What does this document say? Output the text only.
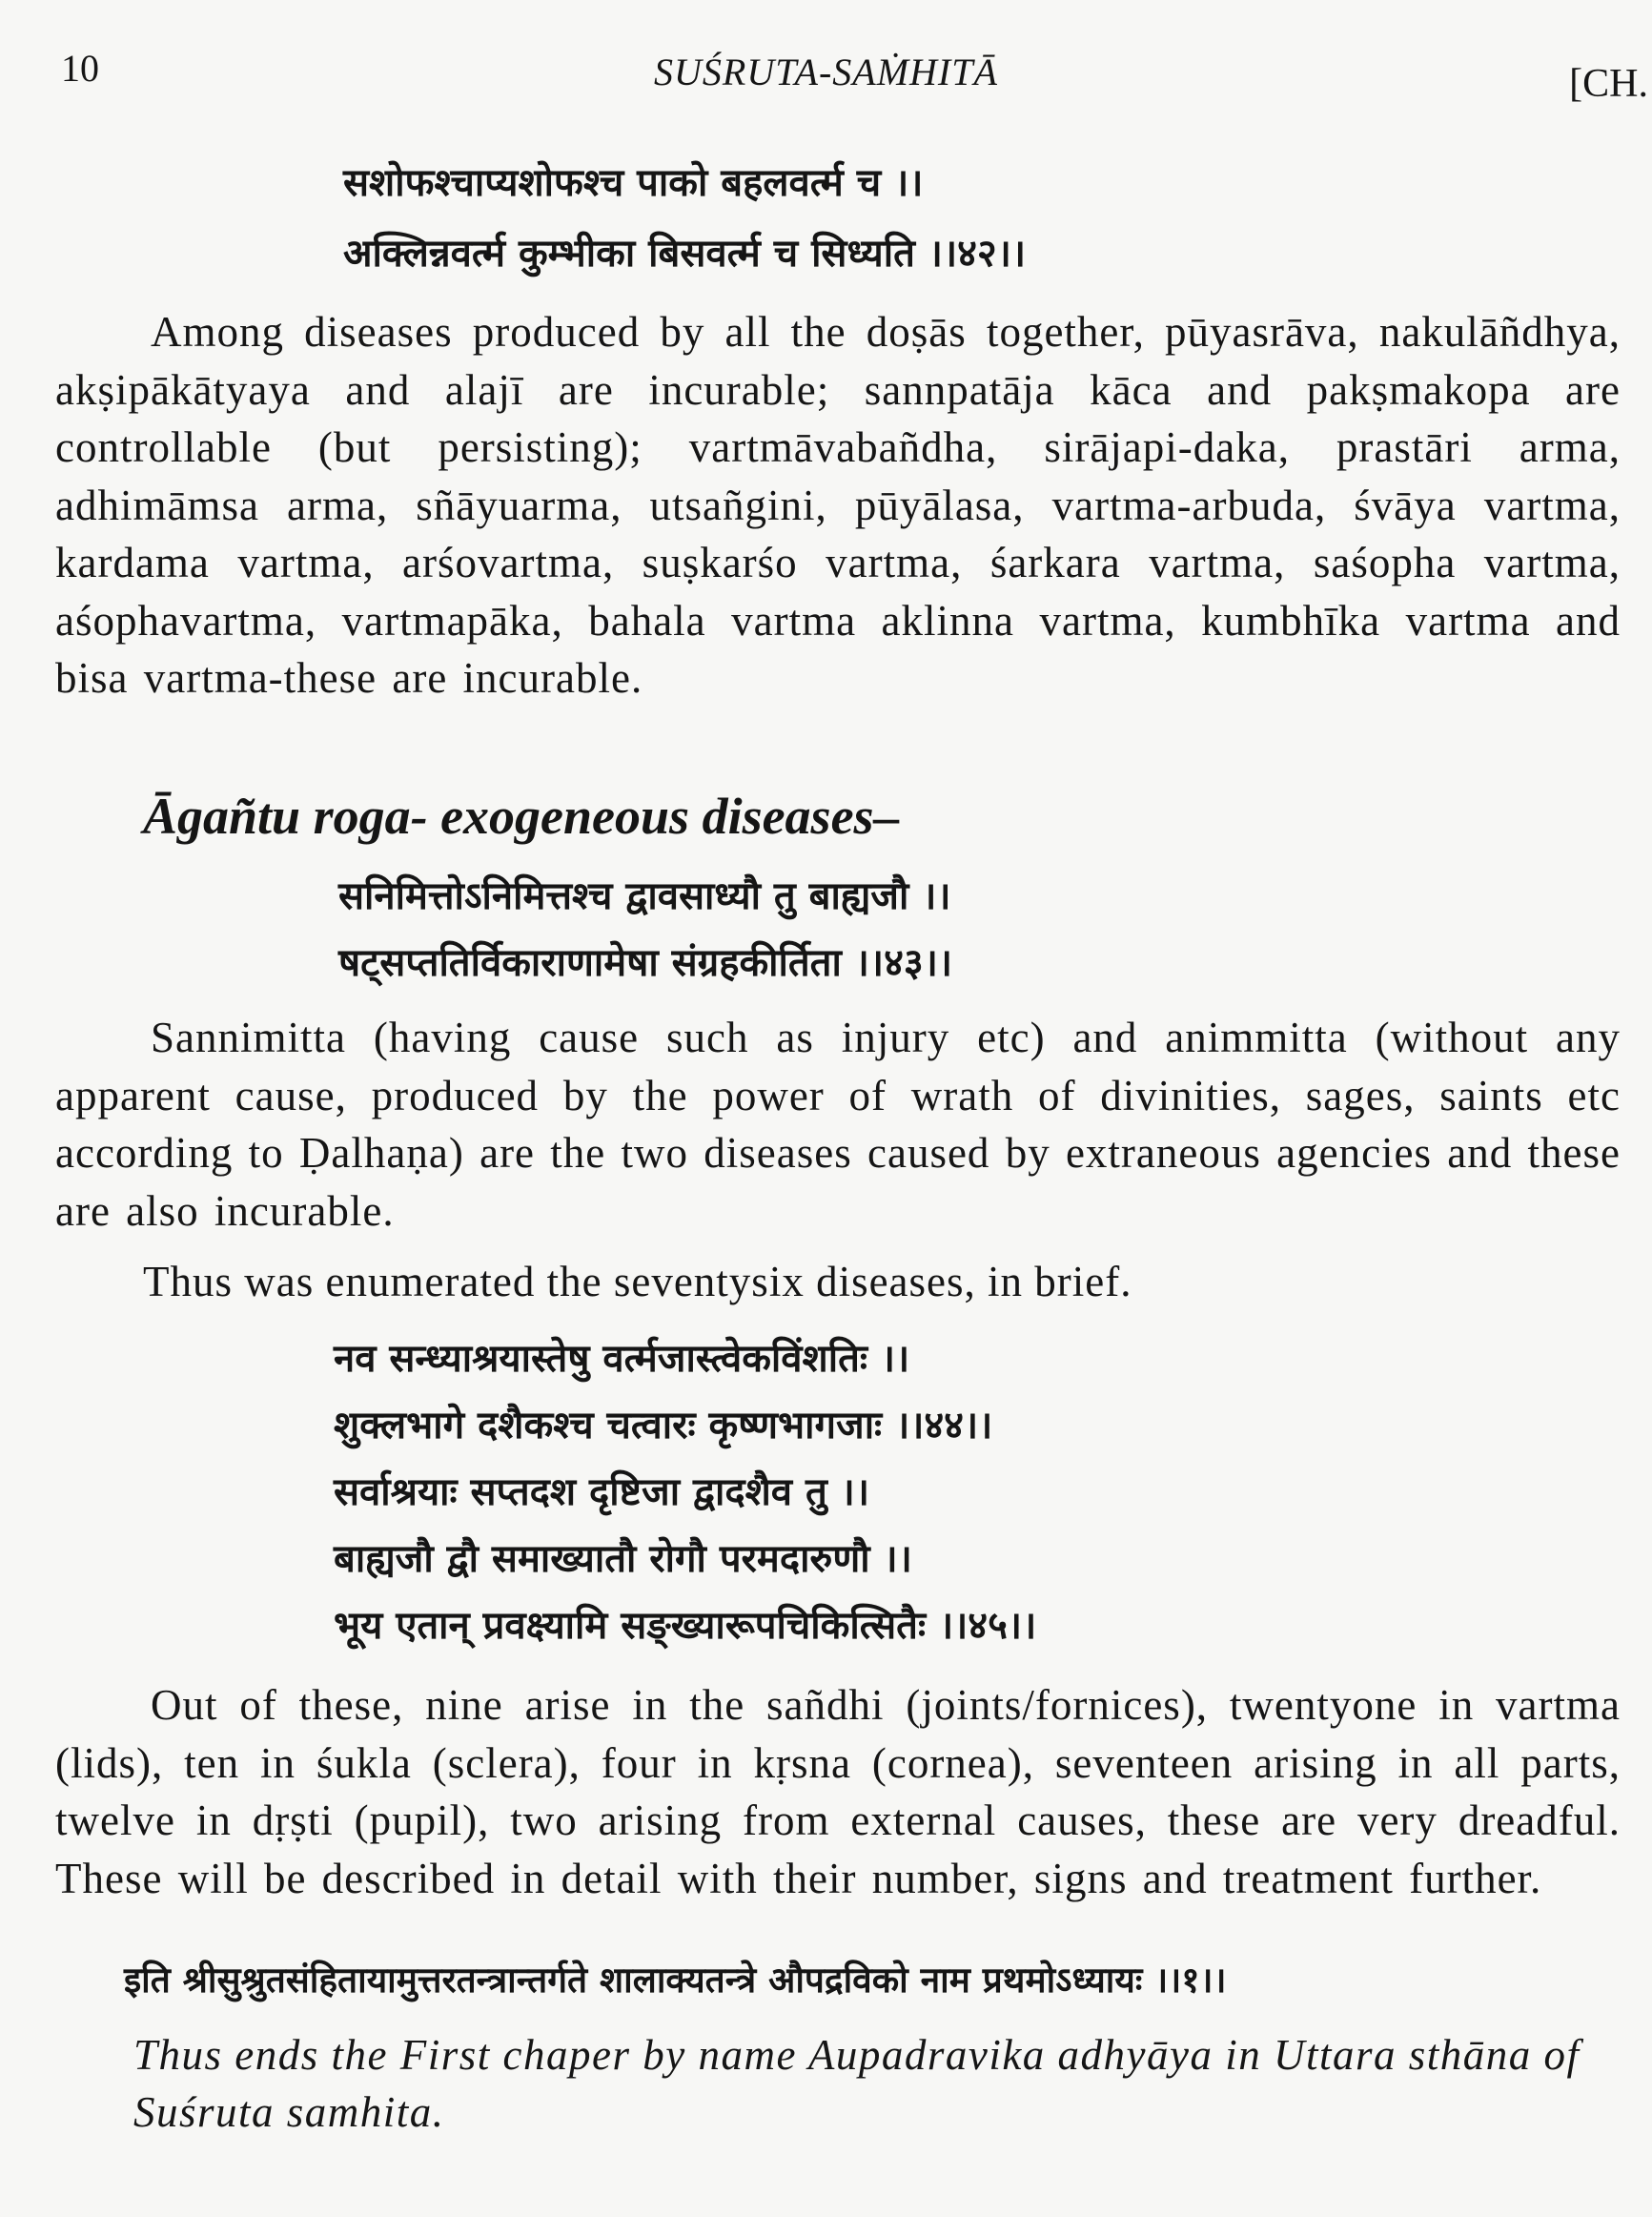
10	SUŚRUTA-SAṀHITĀ	[CH.
सशोफश्चाप्यशोफश्च पाको बहलवर्त्म च ।।
अक्लिन्नवर्त्म कुम्भीका बिसवर्त्म च सिध्यति ।।४२।।

Among diseases produced by all the doṣās together, pūyasrāva, nakulāñdhya, akṣipākātyaya and alajī are incurable; sannpatāja kāca and pakṣmakopa are controllable (but persisting); vartmāvabañdha, sirājapi-daka, prastāri arma, adhimāmsa arma, sñāyuarma, utsañgini, pūyālasa, vartma-arbuda, śvāya vartma, kardama vartma, arśovartma, suṣkarśo vartma, śarkara vartma, saśopha vartma, aśophavartma, vartmapāka, bahala vartma aklinna vartma, kumbhīka vartma and bisa vartma-these are incurable.

Āgañtu roga- exogeneous diseases–
सनिमित्तोऽनिमित्तश्च द्वावसाध्यौ तु बाह्यजौ ।।
षट्सप्ततिर्विकाराणामेषा संग्रहकीर्तिता ।।४३।।

Sannimitta (having cause such as injury etc) and animmitta (without any apparent cause, produced by the power of wrath of divinities, sages, saints etc according to Ḍalhaṇa) are the two diseases caused by extraneous agencies and these are also incurable.

Thus was enumerated the seventysix diseases, in brief.
नव सन्ध्याश्रयास्तेषु वर्त्मजास्त्वेकविंशतिः ।।
शुक्लभागे दशैकश्च चत्वारः कृष्णभागजाः ।।४४।।
सर्वाश्रयाः सप्तदश दृष्टिजा द्वादशैव तु ।।
बाह्यजौ द्वौ समाख्यातौ रोगौ परमदारुणौ ।।
भूय एतान् प्रवक्ष्यामि सङ्ख्यारूपचिकित्सितैः ।।४५।।

Out of these, nine arise in the sañdhi (joints/fornices), twentyone in vartma (lids), ten in śukla (sclera), four in kṛsna (cornea), seventeen arising in all parts, twelve in dṛṣti (pupil), two arising from external causes, these are very dreadful. These will be described in detail with their number, signs and treatment further.

इति श्रीसुश्रुतसंहितायामुत्तरतन्त्रान्तर्गते शालाक्यतन्त्रे औपद्रविको नाम प्रथमोऽध्यायः ।।१।।
Thus ends the First chaper by name Aupadravika adhyāya in Uttara sthāna of Suśruta samhita.
